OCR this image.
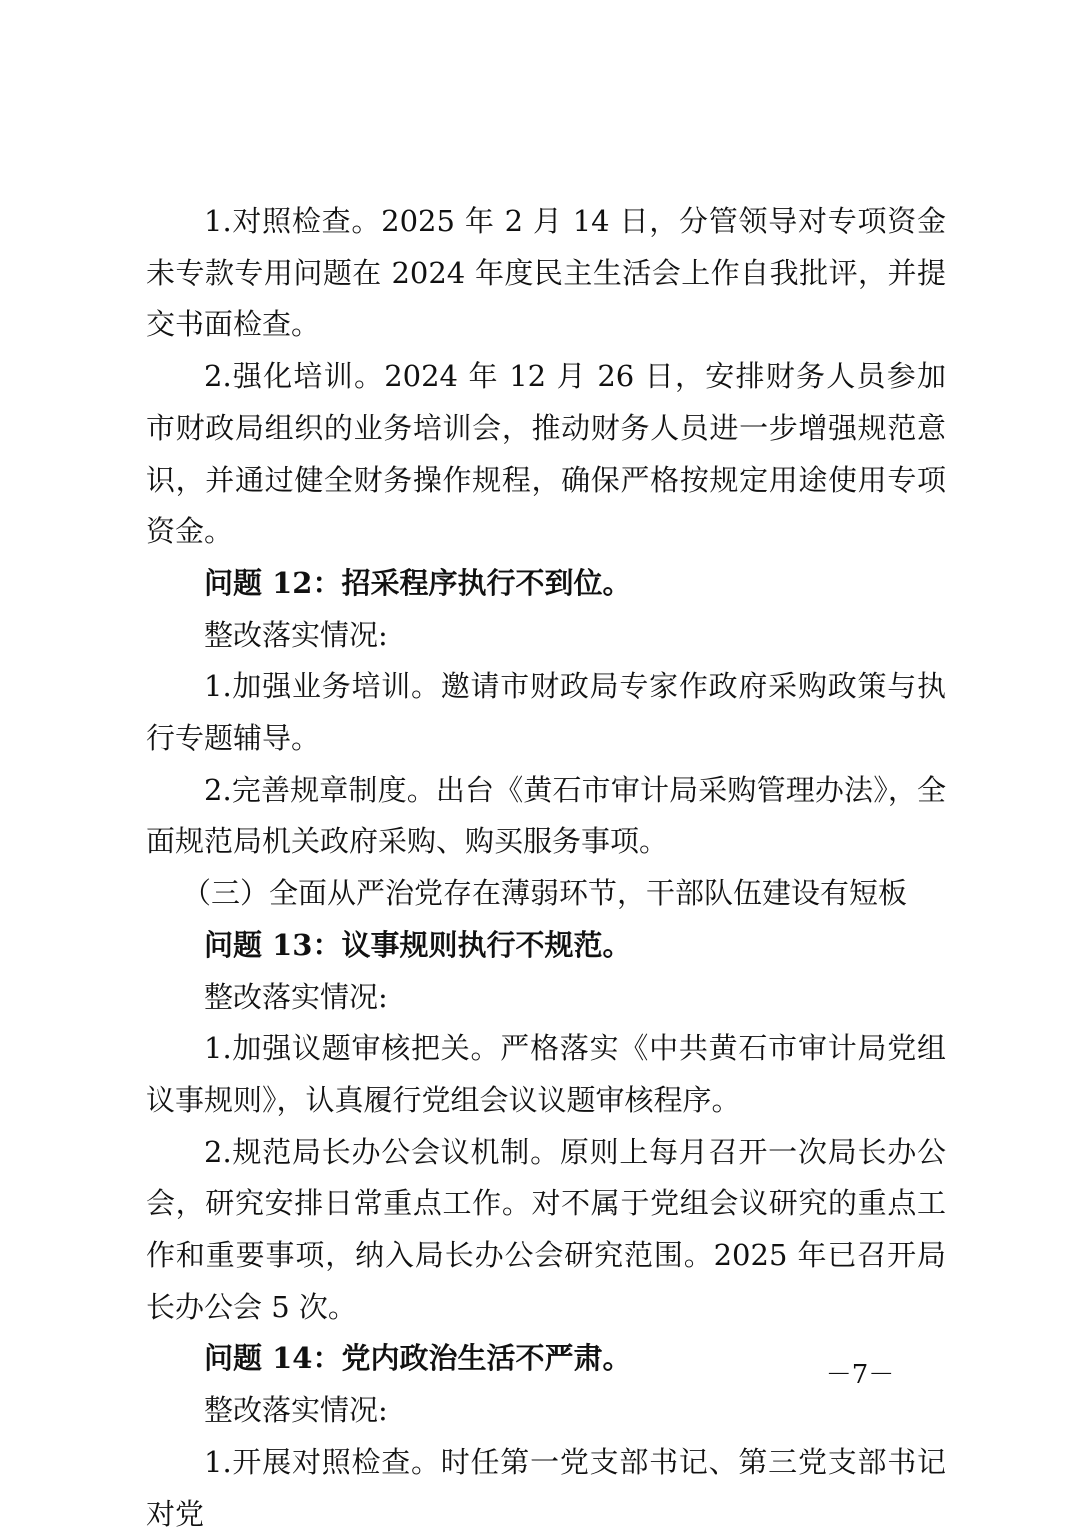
1.对照检查。2025 年 2 月 14 日，分管领导对专项资金未专款专用问题在 2024 年度民主生活会上作自我批评，并提交书面检查。

2.强化培训。2024 年 12 月 26 日，安排财务人员参加市财政局组织的业务培训会，推动财务人员进一步增强规范意识，并通过健全财务操作规程，确保严格按规定用途使用专项资金。

问题 12：招采程序执行不到位。

整改落实情况:

1.加强业务培训。邀请市财政局专家作政府采购政策与执行专题辅导。

2.完善规章制度。出台《黄石市审计局采购管理办法》，全面规范局机关政府采购、购买服务事项。

（三）全面从严治党存在薄弱环节，干部队伍建设有短板

问题 13：议事规则执行不规范。

整改落实情况:

1.加强议题审核把关。严格落实《中共黄石市审计局党组议事规则》，认真履行党组会议议题审核程序。

2.规范局长办公会议机制。原则上每月召开一次局长办公会，研究安排日常重点工作。对不属于党组会议研究的重点工作和重要事项，纳入局长办公会研究范围。2025 年已召开局长办公会 5 次。

问题 14：党内政治生活不严肃。

整改落实情况:

1.开展对照检查。时任第一党支部书记、第三党支部书记对党

－7－
